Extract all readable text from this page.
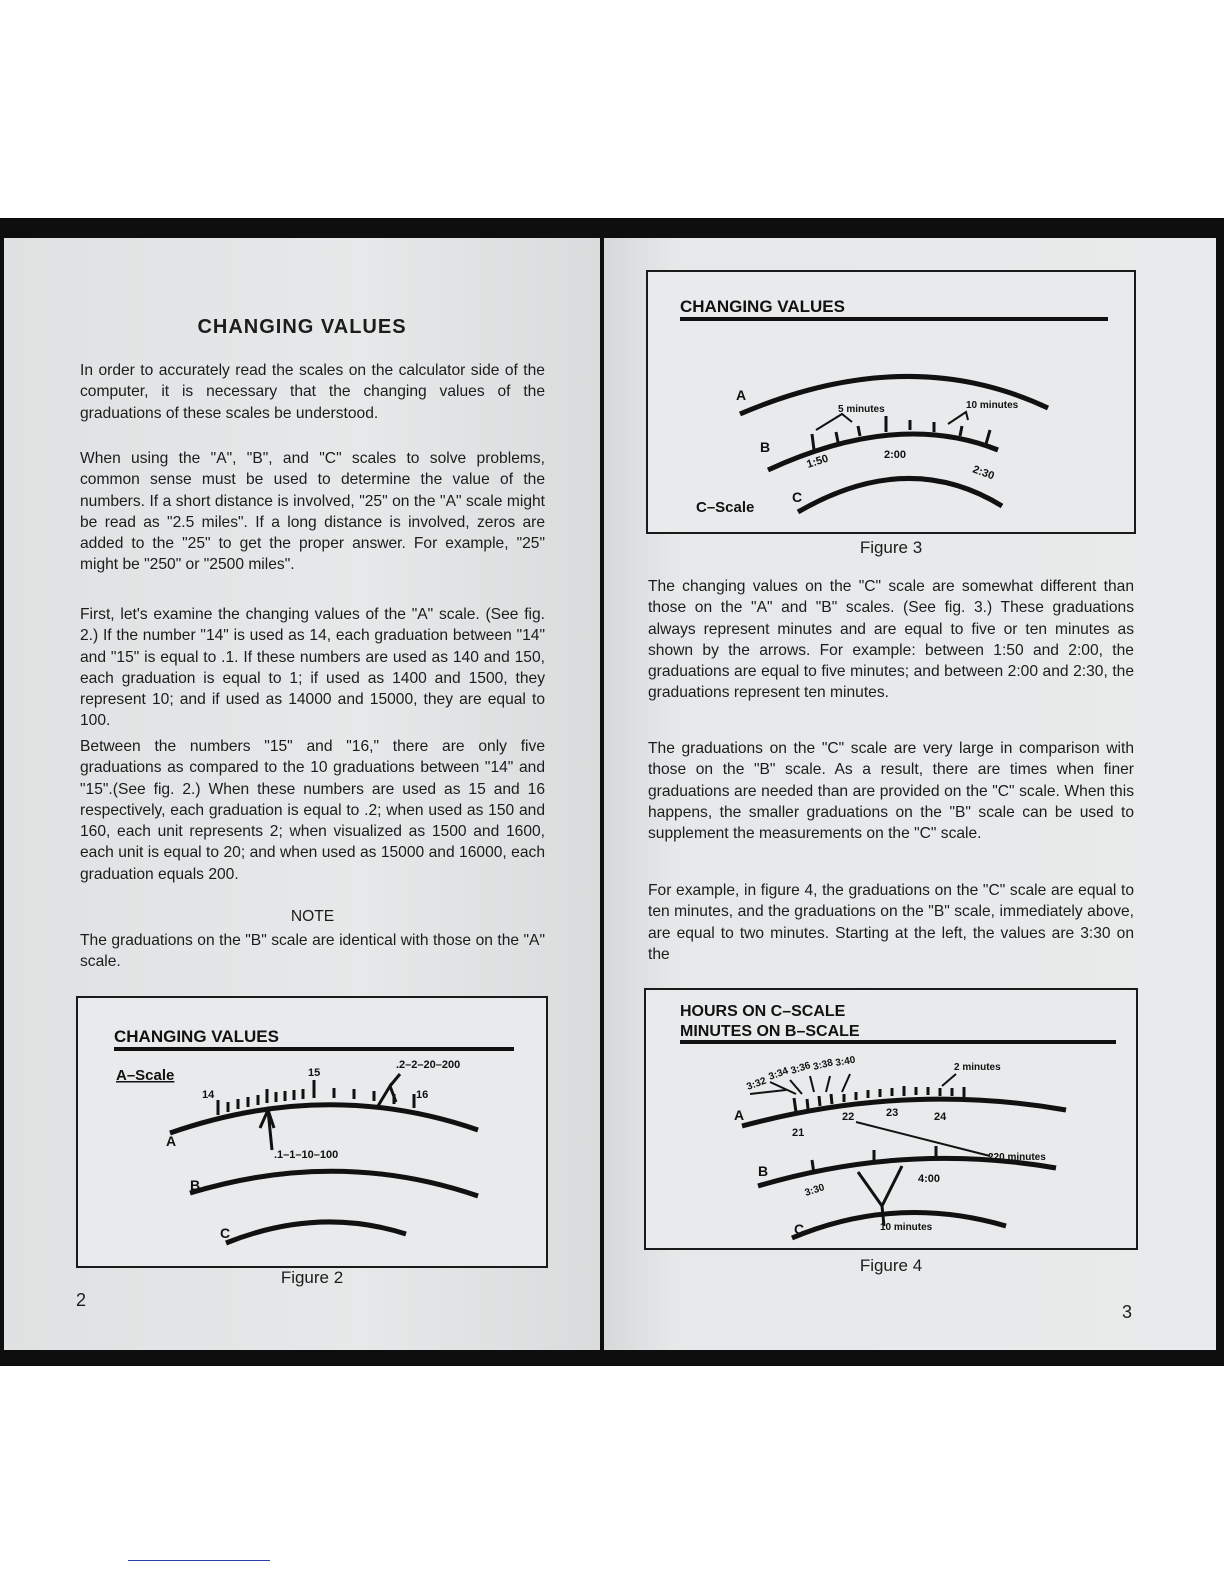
CHANGING VALUES

In order to accurately read the scales on the calculator side of the computer, it is necessary that the changing values of the graduations of these scales be understood.

When using the "A", "B", and "C" scales to solve problems, common sense must be used to determine the value of the numbers. If a short distance is involved, "25" on the "A" scale might be read as "2.5 miles". If a long distance is involved, zeros are added to the "25" to get the proper answer. For example, "25" might be "250" or "2500 miles".

First, let's examine the changing values of the "A" scale. (See fig. 2.) If the number "14" is used as 14, each graduation between "14" and "15" is equal to .1. If these numbers are used as 140 and 150, each graduation is equal to 1; if used as 1400 and 1500, they represent 10; and if used as 14000 and 15000, they are equal to 100.

Between the numbers "15" and "16," there are only five graduations as compared to the 10 graduations between "14" and "15".(See fig. 2.) When these numbers are used as 15 and 16 respectively, each graduation is equal to .2; when used as 150 and 160, each unit represents 2; when visualized as 1500 and 1600, each unit is equal to 20; and when used as 15000 and 16000, each graduation equals 200.

NOTE

The graduations on the "B" scale are identical with those on the "A" scale.

CHANGING VALUES
A–Scale
14
15
16
.2–2–20–200
.1–1–10–100
A
B
C
Figure 2
2
CHANGING VALUES
A
B
5 minutes	10 minutes
1:50	2:00
2:30
C
C–Scale
Figure 3

The changing values on the "C" scale are somewhat different than those on the "A" and "B" scales. (See fig. 3.) These graduations always represent minutes and are equal to five or ten minutes as shown by the arrows. For example: between 1:50 and 2:00, the graduations are equal to five minutes; and between 2:00 and 2:30, the graduations represent ten minutes.

The graduations on the "C" scale are very large in comparison with those on the "B" scale. As a result, there are times when finer graduations are needed than are provided on the "C" scale. When this happens, the smaller graduations on the "B" scale can be used to supplement the measurements on the "C" scale.

For example, in figure 4, the graduations on the "C" scale are equal to ten minutes, and the graduations on the "B" scale, immediately above, are equal to two minutes. Starting at the left, the values are 3:30 on the

HOURS ON C–SCALE
MINUTES ON B–SCALE
A
3:32
3:34 3:36 3:38 3:40	2 minutes
21
22	23	24
220 minutes
B
3:30
4:00
C	10 minutes
Figure 4
3
